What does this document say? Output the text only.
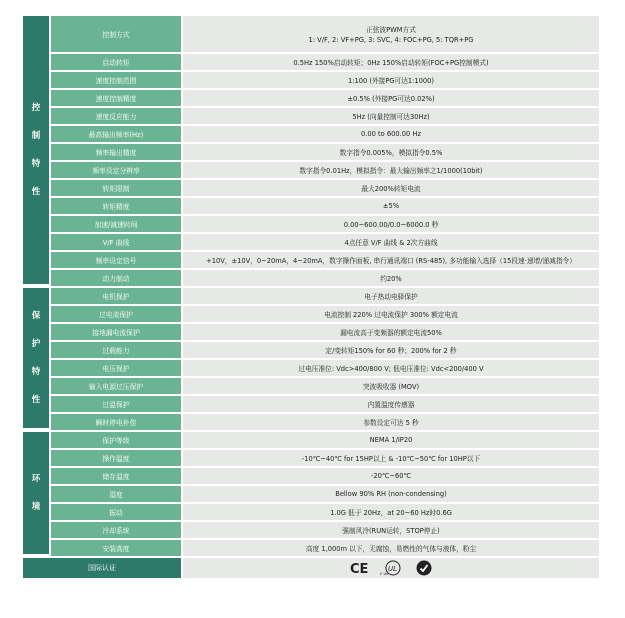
控
制
特
性	控制方式	正弦波PWM方式
1: V/F, 2: VF+PG, 3: SVC, 4: FOC+PG, 5: TQR+PG

	启动转矩	0.5Hz 150%启动转矩；0Hz 150%启动转矩(FOC+PG控制模式)
	速度控制范围	1:100 (外接PG可达1:1000)
	速度控制精度	±0.5% (外接PG可达0.02%)
	速度反应能力	5Hz (向量控制可达30Hz)
	最高输出频率(Hz)	0.00 to 600.00 Hz
	频率输出精度	数字指令0.005%，模拟指令0.5%
	频率设定分辨率	数字指令0.01Hz，模拟指令：最大输出频率之1/1000(10bit)
	转矩限制	最大200%转矩电流
	转矩精度	±5%
	加速/减速时间	0.00~600.00/0.0~6000.0 秒
	V/F 曲线	4点任意 V/F 曲线 & 2次方曲线
	频率设定信号	+10V，±10V，0~20mA，4~20mA，数字操作面板, 串行通讯端口 (RS-485), 多功能输入选择（15段速·递增/递减指令）
	动力制动	约20%
保
护
特
性	电机保护	电子热动电驿保护
	过电流保护	电流控制 220% 过电流保护 300% 额定电流
	接地漏电流保护	漏电流高于变频器的额定电流50%
	过载能力	定/变转矩150% for 60 秒；200% for 2 秒
	电压保护	过电压准位: Vdc>400/800 V; 低电压准位: Vdc<200/400 V
	输入电源过压保护	突波吸收器 (MOV)
	过温保护	内置温度传感器
	瞬时停电补偿	参数设定可达 5 秒
环
境	保护等级	NEMA 1/IP20
	操作温度	-10℃~40℃ for 15HP以上 & -10℃~50℃ for 10HP以下
	储存温度	-20℃~60℃
	湿度	Bellow 90% RH (non-condensing)
	振动	1.0G 低于 20Hz，at 20~60 Hz时0.6G
	冷却系统	强制风冷(RUN运转，STOP停止)
	安装高度	高度 1,000m 以下，无腐蚀，易燃性的气体与液体，粉尘
国际认证		CE UL
c us
